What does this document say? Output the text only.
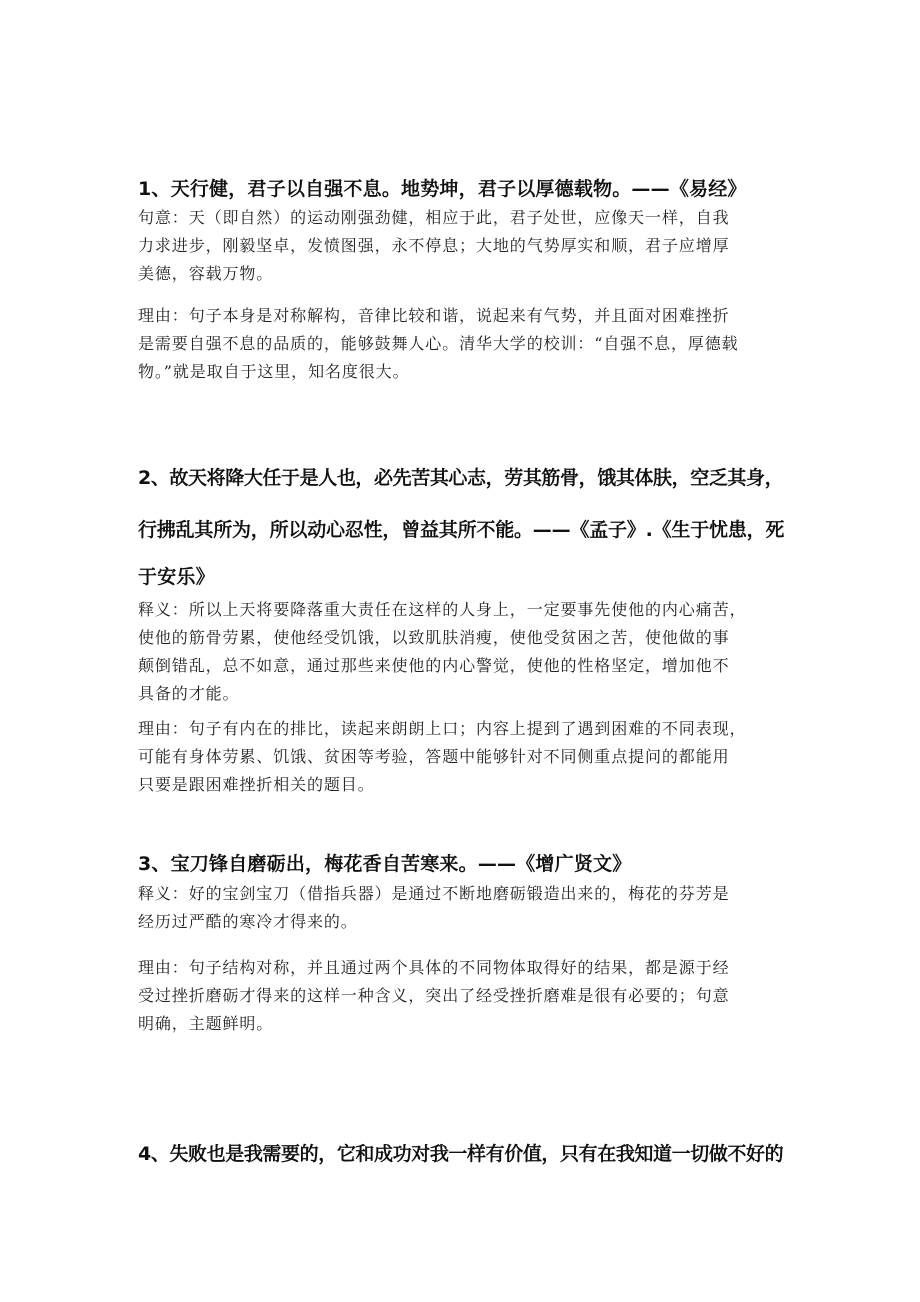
1、天行健，君子以自强不息。地势坤，君子以厚德载物。——《易经》

句意：天（即自然）的运动刚强劲健，相应于此，君子处世，应像天一样，自我
力求进步，刚毅坚卓，发愤图强，永不停息；大地的气势厚实和顺，君子应增厚
美德，容载万物。

理由：句子本身是对称解构，音律比较和谐，说起来有气势，并且面对困难挫折
是需要自强不息的品质的，能够鼓舞人心。清华大学的校训：“自强不息，厚德载
物。”就是取自于这里，知名度很大。

2、故天将降大任于是人也，必先苦其心志，劳其筋骨，饿其体肤，空乏其身，
行拂乱其所为，所以动心忍性，曾益其所不能。——《孟子》.《生于忧患，死
于安乐》

释义：所以上天将要降落重大责任在这样的人身上，一定要事先使他的内心痛苦，
使他的筋骨劳累，使他经受饥饿，以致肌肤消瘦，使他受贫困之苦，使他做的事
颠倒错乱，总不如意，通过那些来使他的内心警觉，使他的性格坚定，增加他不
具备的才能。

理由：句子有内在的排比，读起来朗朗上口；内容上提到了遇到困难的不同表现，
可能有身体劳累、饥饿、贫困等考验，答题中能够针对不同侧重点提问的都能用
只要是跟困难挫折相关的题目。

3、宝刀锋自磨砺出，梅花香自苦寒来。——《增广贤文》

释义：好的宝剑宝刀（借指兵器）是通过不断地磨砺锻造出来的，梅花的芬芳是
经历过严酷的寒冷才得来的。

理由：句子结构对称，并且通过两个具体的不同物体取得好的结果，都是源于经
受过挫折磨砺才得来的这样一种含义，突出了经受挫折磨难是很有必要的；句意
明确，主题鲜明。

4、失败也是我需要的，它和成功对我一样有价值，只有在我知道一切做不好的
